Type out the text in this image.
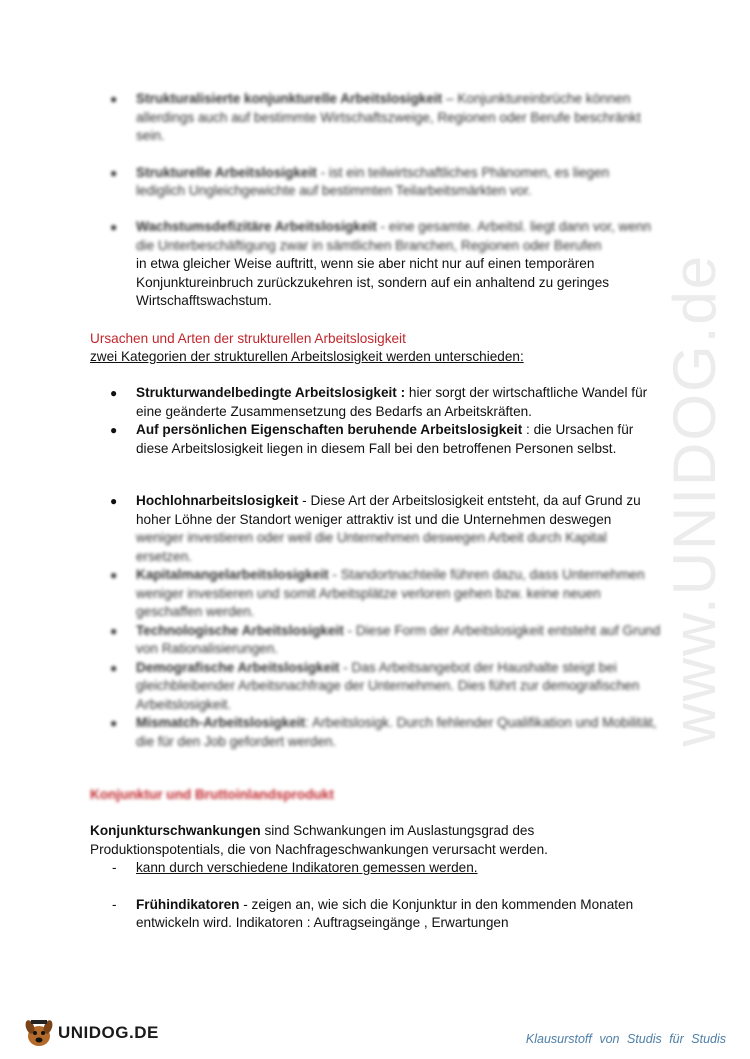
www.UNIDOG.de
● Strukturalisierte konjunkturelle Arbeitslosigkeit – Konjunktureinbrüche können allerdings auch auf bestimmte Wirtschaftszweige, Regionen oder Berufe beschränkt sein.
● Strukturelle Arbeitslosigkeit - ist ein teilwirtschaftliches Phänomen, es liegen lediglich Ungleichgewichte auf bestimmten Teilarbeitsmärkten vor.
● Wachstumsdefizitäre Arbeitslosigkeit - eine gesamte. Arbeitsl. liegt dann vor, wenn die Unterbeschäftigung zwar in sämtlichen Branchen, Regionen oder Berufen
in etwa gleicher Weise auftritt, wenn sie aber nicht nur auf einen temporären Konjunktureinbruch zurückzukehren ist, sondern auf ein anhaltend zu geringes Wirtschafftswachstum.
Ursachen und Arten der strukturellen Arbeitslosigkeit
zwei Kategorien der strukturellen Arbeitslosigkeit werden unterschieden:
● Strukturwandelbedingte Arbeitslosigkeit : hier sorgt der wirtschaftliche Wandel für eine geänderte Zusammensetzung des Bedarfs an Arbeitskräften.
● Auf persönlichen Eigenschaften beruhende Arbeitslosigkeit : die Ursachen für diese Arbeitslosigkeit liegen in diesem Fall bei den betroffenen Personen selbst.
● Hochlohnarbeitslosigkeit - Diese Art der Arbeitslosigkeit entsteht, da auf Grund zu hoher Löhne der Standort weniger attraktiv ist und die Unternehmen deswegen
weniger investieren oder weil die Unternehmen deswegen Arbeit durch Kapital ersetzen.
● Kapitalmangelarbeitslosigkeit - Standortnachteile führen dazu, dass Unternehmen weniger investieren und somit Arbeitsplätze verloren gehen bzw. keine neuen geschaffen werden.
● Technologische Arbeitslosigkeit - Diese Form der Arbeitslosigkeit entsteht auf Grund von Rationalisierungen.
● Demografische Arbeitslosigkeit - Das Arbeitsangebot der Haushalte steigt bei gleichbleibender Arbeitsnachfrage der Unternehmen. Dies führt zur demografischen Arbeitslosigkeit.
● Mismatch-Arbeitslosigkeit: Arbeitslosigk. Durch fehlender Qualifikation und Mobilität, die für den Job gefordert werden.
Konjunktur und Bruttoinlandsprodukt
Konjunkturschwankungen sind Schwankungen im Auslastungsgrad des Produktionspotentials, die von Nachfrageschwankungen verursacht werden.
- kann durch verschiedene Indikatoren gemessen werden.
- Frühindikatoren - zeigen an, wie sich die Konjunktur in den kommenden Monaten entwickeln wird. Indikatoren : Auftragseingänge , Erwartungen
UNIDOG.DE	Klausurstoff von Studis für Studis
